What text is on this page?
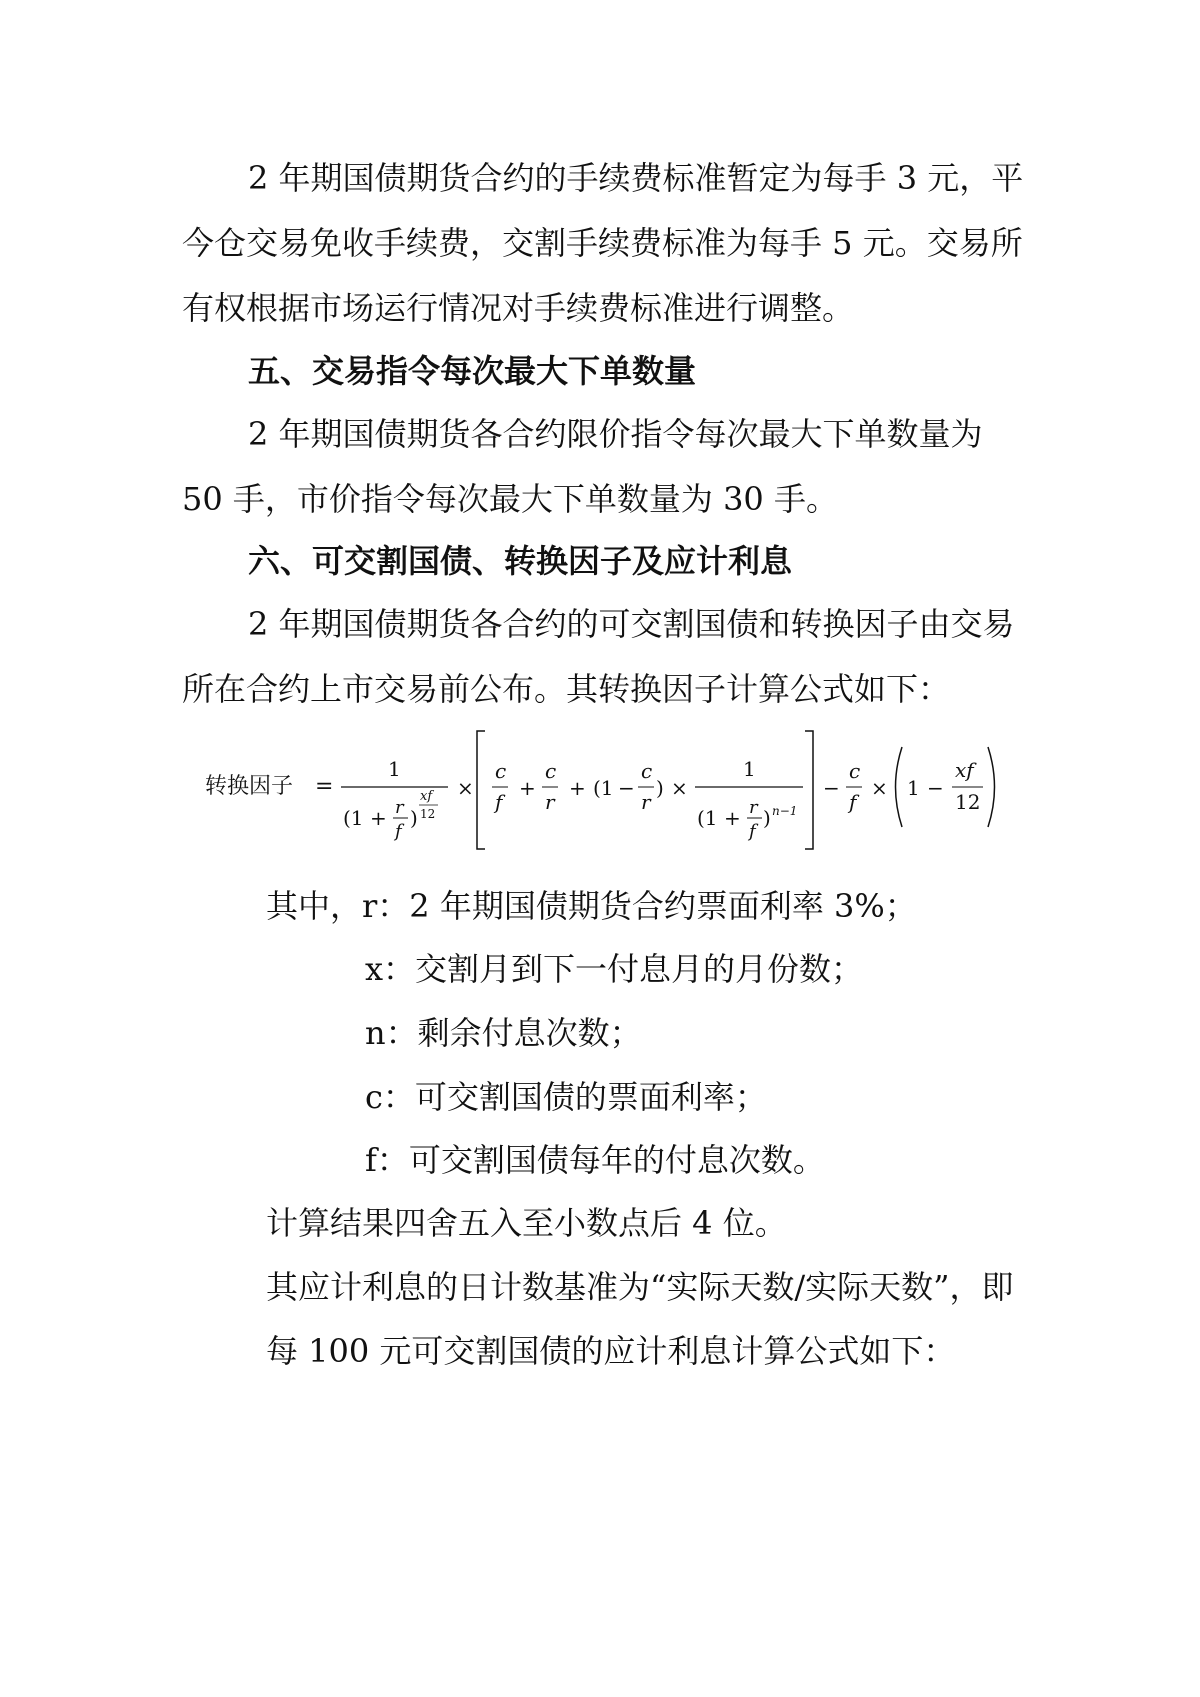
2 年期国债期货合约的手续费标准暂定为每手 3 元，平
今仓交易免收手续费，交割手续费标准为每手 5 元。交易所
有权根据市场运行情况对手续费标准进行调整。
五、交易指令每次最大下单数量
2 年期国债期货各合约限价指令每次最大下单数量为
50 手，市价指令每次最大下单数量为 30 手。
六、可交割国债、转换因子及应计利息
2 年期国债期货各合约的可交割国债和转换因子由交易
所在合约上市交易前公布。其转换因子计算公式如下：
转换因子 =
1
(1 + r
f
)
xf
12
×
c
f
+
c
r
+ (1 −
c
r
) ×
1
(1 + r
f
) n−1
−
c
f
× 1 −
xf
12
其中，r：2 年期国债期货合约票面利率 3%；
x：交割月到下一付息月的月份数；
n：剩余付息次数；
c：可交割国债的票面利率；
f：可交割国债每年的付息次数。
计算结果四舍五入至小数点后 4 位。
其应计利息的日计数基准为“实际天数/实际天数”，即
每 100 元可交割国债的应计利息计算公式如下：
